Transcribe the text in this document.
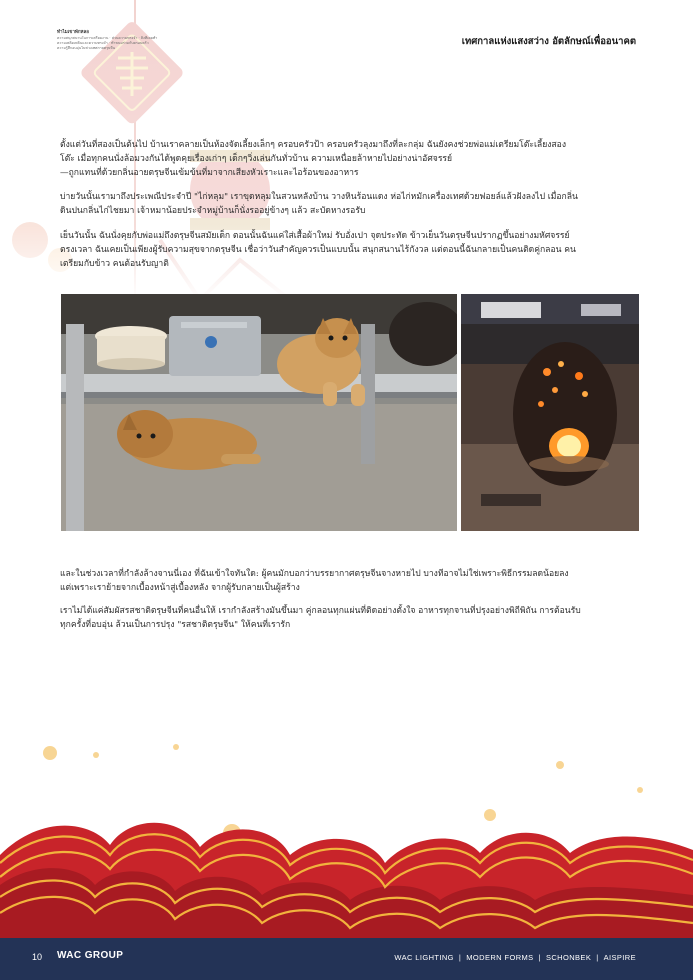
ทำไมเขาพักหลอ
ความสนุกสนานในการเตรียมงาน · ส่วนความทรงจำ · สิ่งที่เคยทำ
ความเพลิดเพลินและความทรงจำ · ทำขนมร่วมกับครอบครัว
ความรู้สึกอบอุ่นในช่วงเทศกาลตรุษจีน
เทศกาลแห่งแสงสว่าง อัตลักษณ์เพื่ออนาคต

ตั้งแต่วันที่สองเป็นต้นไป บ้านเราคลายเป็นห้องจัดเลี้ยงเล็กๆ ครอบครัวป้า ครอบครัวลุงมาถึงที่ละกลุ่ม ฉันยังคงช่วยพ่อแม่เตรียมโต๊ะเลี้ยงสอง

โต๊ะ เมื่อทุกคนนั่งล้อมวงกันได้พูดคุยเรื่องเก่าๆ เด็กๆวิ่งเล่นกันทั่วบ้าน ความเหนื่อยล้าหายไปอย่างน่าอัศจรรย์

—ถูกแทนที่ด้วยกลิ่นอายตรุษจีนเข้มข้นที่มาจากเสียงหัวเราะและไอร้อนของอาหาร

บ่ายวันนั้นเรามาถึงประเพณีประจำปี "ไก่หลุม" เราขุดหลุมในสวนหลังบ้าน วางหินร้อนแดง ห่อไก่หมักเครื่องเทศด้วยฟอยล์แล้วฝังลงไป เมื่อกลิ่น

ดินปนกลิ่นไก่ไชยมา เจ้าหมาน้อยประจำหมู่บ้านก็นั่งรออยู่ข้างๆ แล้ว สะบัดหางรอรับ

เย็นวันนั้น ฉันนั่งคุยกับพ่อแม่ถึงตรุษจีนสมัยเด็ก ตอนนั้นฉันแค่ใส่เสื้อผ้าใหม่ รับอั่งเปา จุดประทัด ข้าวเย็นวันตรุษจีนปรากฏขึ้นอย่างมหัศจรรย์

ตรงเวลา ฉันเคยเป็นเพียงผู้รับความสุขจากตรุษจีน เชื่อว่าวันสำคัญควรเป็นแบบนั้น สนุกสนานไร้กังวล แต่ตอนนี้ฉันกลายเป็นคนติดคู่กลอน คน

เตรียมกับข้าว คนต้อนรับญาติ

และในช่วงเวลาที่กำลังล้างจานนี่เอง ที่ฉันเข้าใจทันใด: ผู้คนมักบอกว่าบรรยากาศตรุษจีนจางหายไป บางทีอาจไม่ใช่เพราะพิธีกรรมลดน้อยลง

แต่เพราะเราย้ายจากเบื้องหน้าสู่เบื้องหลัง จากผู้รับกลายเป็นผู้สร้าง

เราไม่ได้แค่สัมผัสรสชาติตรุษจีนที่คนอื่นให้ เรากำลังสร้างมันขึ้นมา คู่กลอนทุกแผ่นที่ติดอย่างตั้งใจ อาหารทุกจานที่ปรุงอย่างพิถีพิถัน การต้อนรับ

ทุกครั้งที่อบอุ่น ล้วนเป็นการปรุง "รสชาติตรุษจีน" ให้คนที่เรารัก

10 WAC GROUP	WAC LIGHTING | MODERN FORMS | SCHONBEK | AISPIRE
